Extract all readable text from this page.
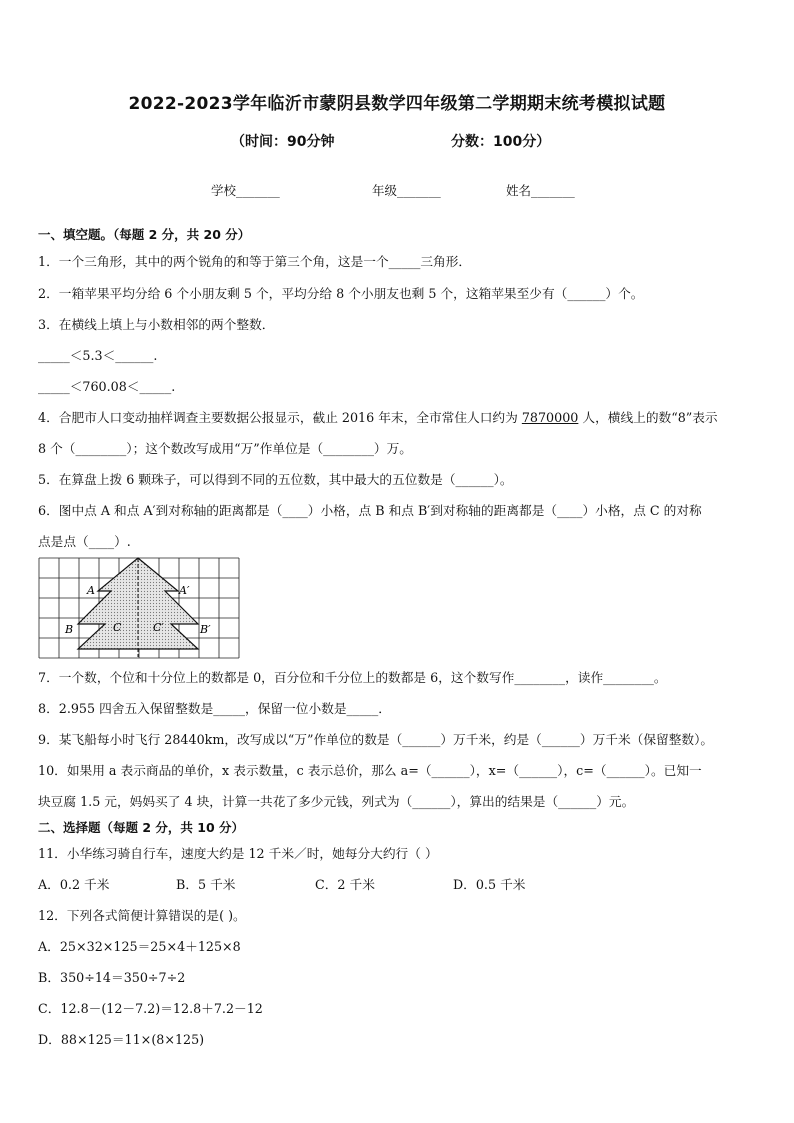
2022-2023学年临沂市蒙阴县数学四年级第二学期期末统考模拟试题
（时间：90分钟	分数：100分）
学校_______	年级_______	姓名_______
一、填空题。（每题 2 分，共 20 分）
1．一个三角形，其中的两个锐角的和等于第三个角，这是一个_____三角形．
2．一箱苹果平均分给 6 个小朋友剩 5 个，平均分给 8 个小朋友也剩 5 个，这箱苹果至少有（______）个。
3．在横线上填上与小数相邻的两个整数．
_____＜5.3＜______.
_____＜760.08＜_____.
4．合肥市人口变动抽样调查主要数据公报显示，截止 2016 年末，全市常住人口约为 7870000 人，横线上的数“8”表示
8 个（________）；这个数改写成用“万”作单位是（________）万。
5．在算盘上拨 6 颗珠子，可以得到不同的五位数，其中最大的五位数是（______）。
6．图中点 A 和点 A′到对称轴的距离都是（____）小格，点 B 和点 B′到对称轴的距离都是（____）小格，点 C 的对称
点是点（____）.
A	A′
B	C	C′	B′
7．一个数，个位和十分位上的数都是 0，百分位和千分位上的数都是 6，这个数写作________，读作________。
8．2.955 四舍五入保留整数是_____，保留一位小数是_____．
9．某飞船每小时飞行 28440km，改写成以“万”作单位的数是（______）万千米，约是（______）万千米（保留整数）。
10．如果用 a 表示商品的单价，x 表示数量，c 表示总价，那么 a=（______），x=（______），c=（______）。已知一
块豆腐 1.5 元，妈妈买了 4 块，计算一共花了多少元钱，列式为（______），算出的结果是（______）元。
二、选择题（每题 2 分，共 10 分）
11．小华练习骑自行车，速度大约是 12 千米／时，她每分大约行（ ）
A．0.2 千米	B．5 千米	C．2 千米	D．0.5 千米
12．下列各式简便计算错误的是( )。
A．25×32×125＝25×4＋125×8
B．350÷14＝350÷7÷2
C．12.8－(12－7.2)＝12.8＋7.2－12
D．88×125＝11×(8×125)
